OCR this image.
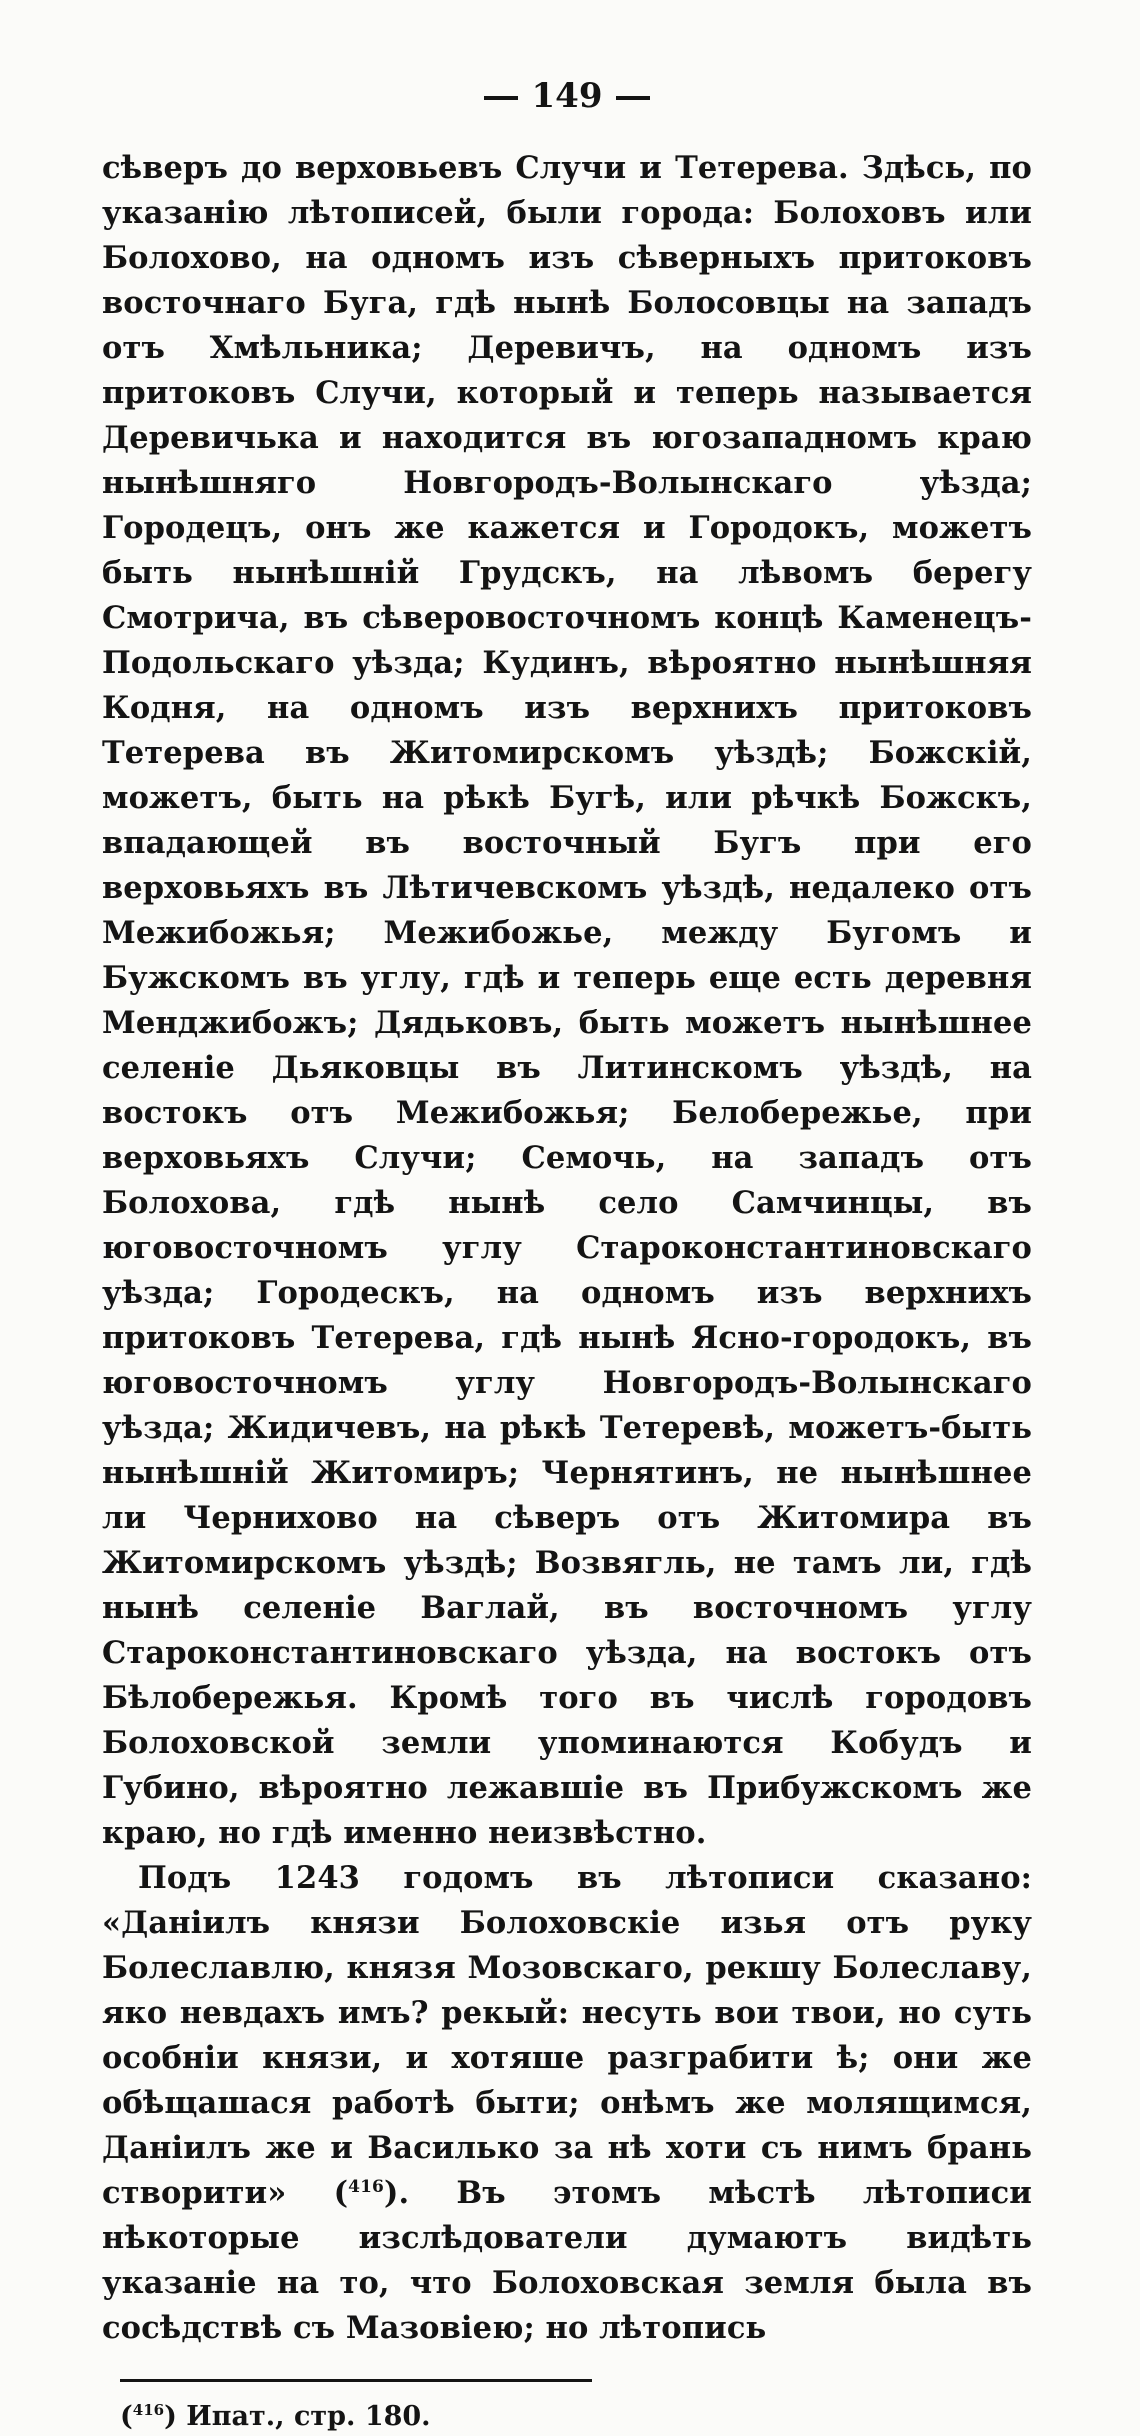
149

сѣверъ до верховьевъ Случи и Тетерева. Здѣсь, по указанію лѣтописей, были города: Болоховъ или Болохово, на одномъ изъ сѣверныхъ притоковъ восточнаго Буга, гдѣ нынѣ Болосовцы на западъ отъ Хмѣльника; Деревичъ, на одномъ изъ притоковъ Случи, который и теперь называется Деревичька и находится въ югозападномъ краю нынѣшняго Новгородъ-Волынскаго уѣзда; Городецъ, онъ же кажется и Городокъ, можетъ быть нынѣшній Грудскъ, на лѣвомъ берегу Смотрича, въ сѣверовосточномъ концѣ Каменецъ-Подольскаго уѣзда; Кудинъ, вѣроятно нынѣшняя Кодня, на одномъ изъ верхнихъ притоковъ Тетерева въ Житомирскомъ уѣздѣ; Божскій, можетъ, быть на рѣкѣ Бугѣ, или рѣчкѣ Божскъ, впадающей въ восточный Бугъ при его верховьяхъ въ Лѣтичевскомъ уѣздѣ, недалеко отъ Межибожья; Межибожье, между Бугомъ и Бужскомъ въ углу, гдѣ и теперь еще есть деревня Менджибожъ; Дядьковъ, быть можетъ нынѣшнее селеніе Дьяковцы въ Литинскомъ уѣздѣ, на востокъ отъ Межибожья; Белобережье, при верховьяхъ Случи; Семочь, на западъ отъ Болохова, гдѣ нынѣ село Самчинцы, въ юговосточномъ углу Староконстантиновскаго уѣзда; Городескъ, на одномъ изъ верхнихъ притоковъ Тетерева, гдѣ нынѣ Ясно-городокъ, въ юговосточномъ углу Новгородъ-Волынскаго уѣзда; Жидичевъ, на рѣкѣ Тетеревѣ, можетъ-быть нынѣшній Житомиръ; Чернятинъ, не нынѣшнее ли Черниxово на сѣверъ отъ Житомира въ Житомирскомъ уѣздѣ; Возвягль, не тамъ ли, гдѣ нынѣ селеніе Ваглай, въ восточномъ углу Староконстантиновскаго уѣзда, на востокъ отъ Бѣлобережья. Кромѣ того въ числѣ городовъ Болоховской земли упоминаются Кобудъ и Губино, вѣроятно лежавшіе въ Прибужскомъ же краю, но гдѣ именно неизвѣстно.

Подъ 1243 годомъ въ лѣтописи сказано: «Даніилъ князи Болоховскіе изья отъ руку Болеславлю, князя Мозовскаго, рекшу Болеславу, яко невдахъ имъ? рекый: несуть вои твои, но суть особніи князи, и хотяше разграбити ѣ; они же обѣщашася работѣ быти; онѣмъ же молящимся, Даніилъ же и Василько за нѣ хоти съ нимъ брань створити» ($^{416}$). Въ этомъ мѣстѣ лѣтописи нѣкоторые изслѣдователи думаютъ видѣть указаніе на то, что Болоховская земля была въ сосѣдствѣ съ Мазовіею; но лѣтопись

($^{416}$) Ипат., стр. 180.
